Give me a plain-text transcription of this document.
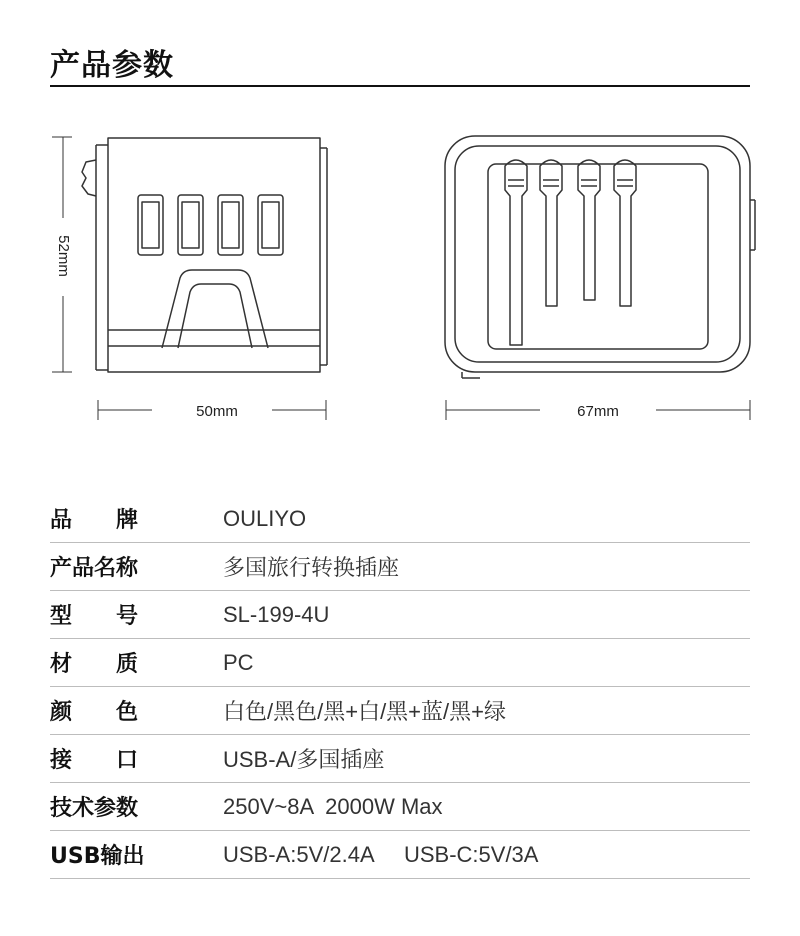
产品参数
52mm
50mm	67mm
品　　牌	OULIYO
产品名称	多国旅行转换插座
型　　号	SL-199-4U
材　　质	PC
颜　　色	白色/黑色/黑+白/黑+蓝/黑+绿
接　　口	USB-A/多国插座
技术参数	250V~8A  2000W Max
USB输出	USB-A:5V/2.4A     USB-C:5V/3A
